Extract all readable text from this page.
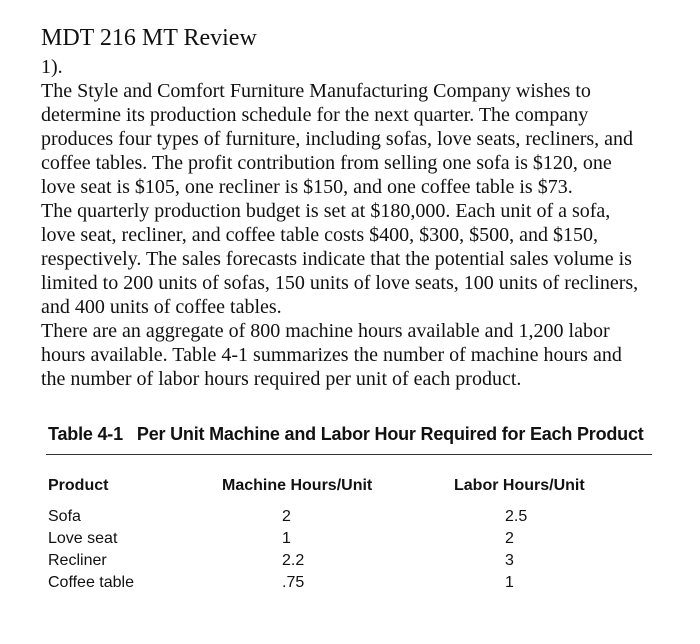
MDT 216 MT Review
1).
The Style and Comfort Furniture Manufacturing Company wishes to
determine its production schedule for the next quarter. The company
produces four types of furniture, including sofas, love seats, recliners, and
coffee tables. The profit contribution from selling one sofa is $120, one
love seat is $105, one recliner is $150, and one coffee table is $73.
The quarterly production budget is set at $180,000. Each unit of a sofa,
love seat, recliner, and coffee table costs $400, $300, $500, and $150,
respectively. The sales forecasts indicate that the potential sales volume is
limited to 200 units of sofas, 150 units of love seats, 100 units of recliners,
and 400 units of coffee tables.
There are an aggregate of 800 machine hours available and 1,200 labor
hours available. Table 4-1 summarizes the number of machine hours and
the number of labor hours required per unit of each product.
Table 4-1 Per Unit Machine and Labor Hour Required for Each Product
Product	Machine Hours/Unit	Labor Hours/Unit
Sofa	2	2.5
Love seat	1	2
Recliner	2.2	3
Coffee table	.75	1
